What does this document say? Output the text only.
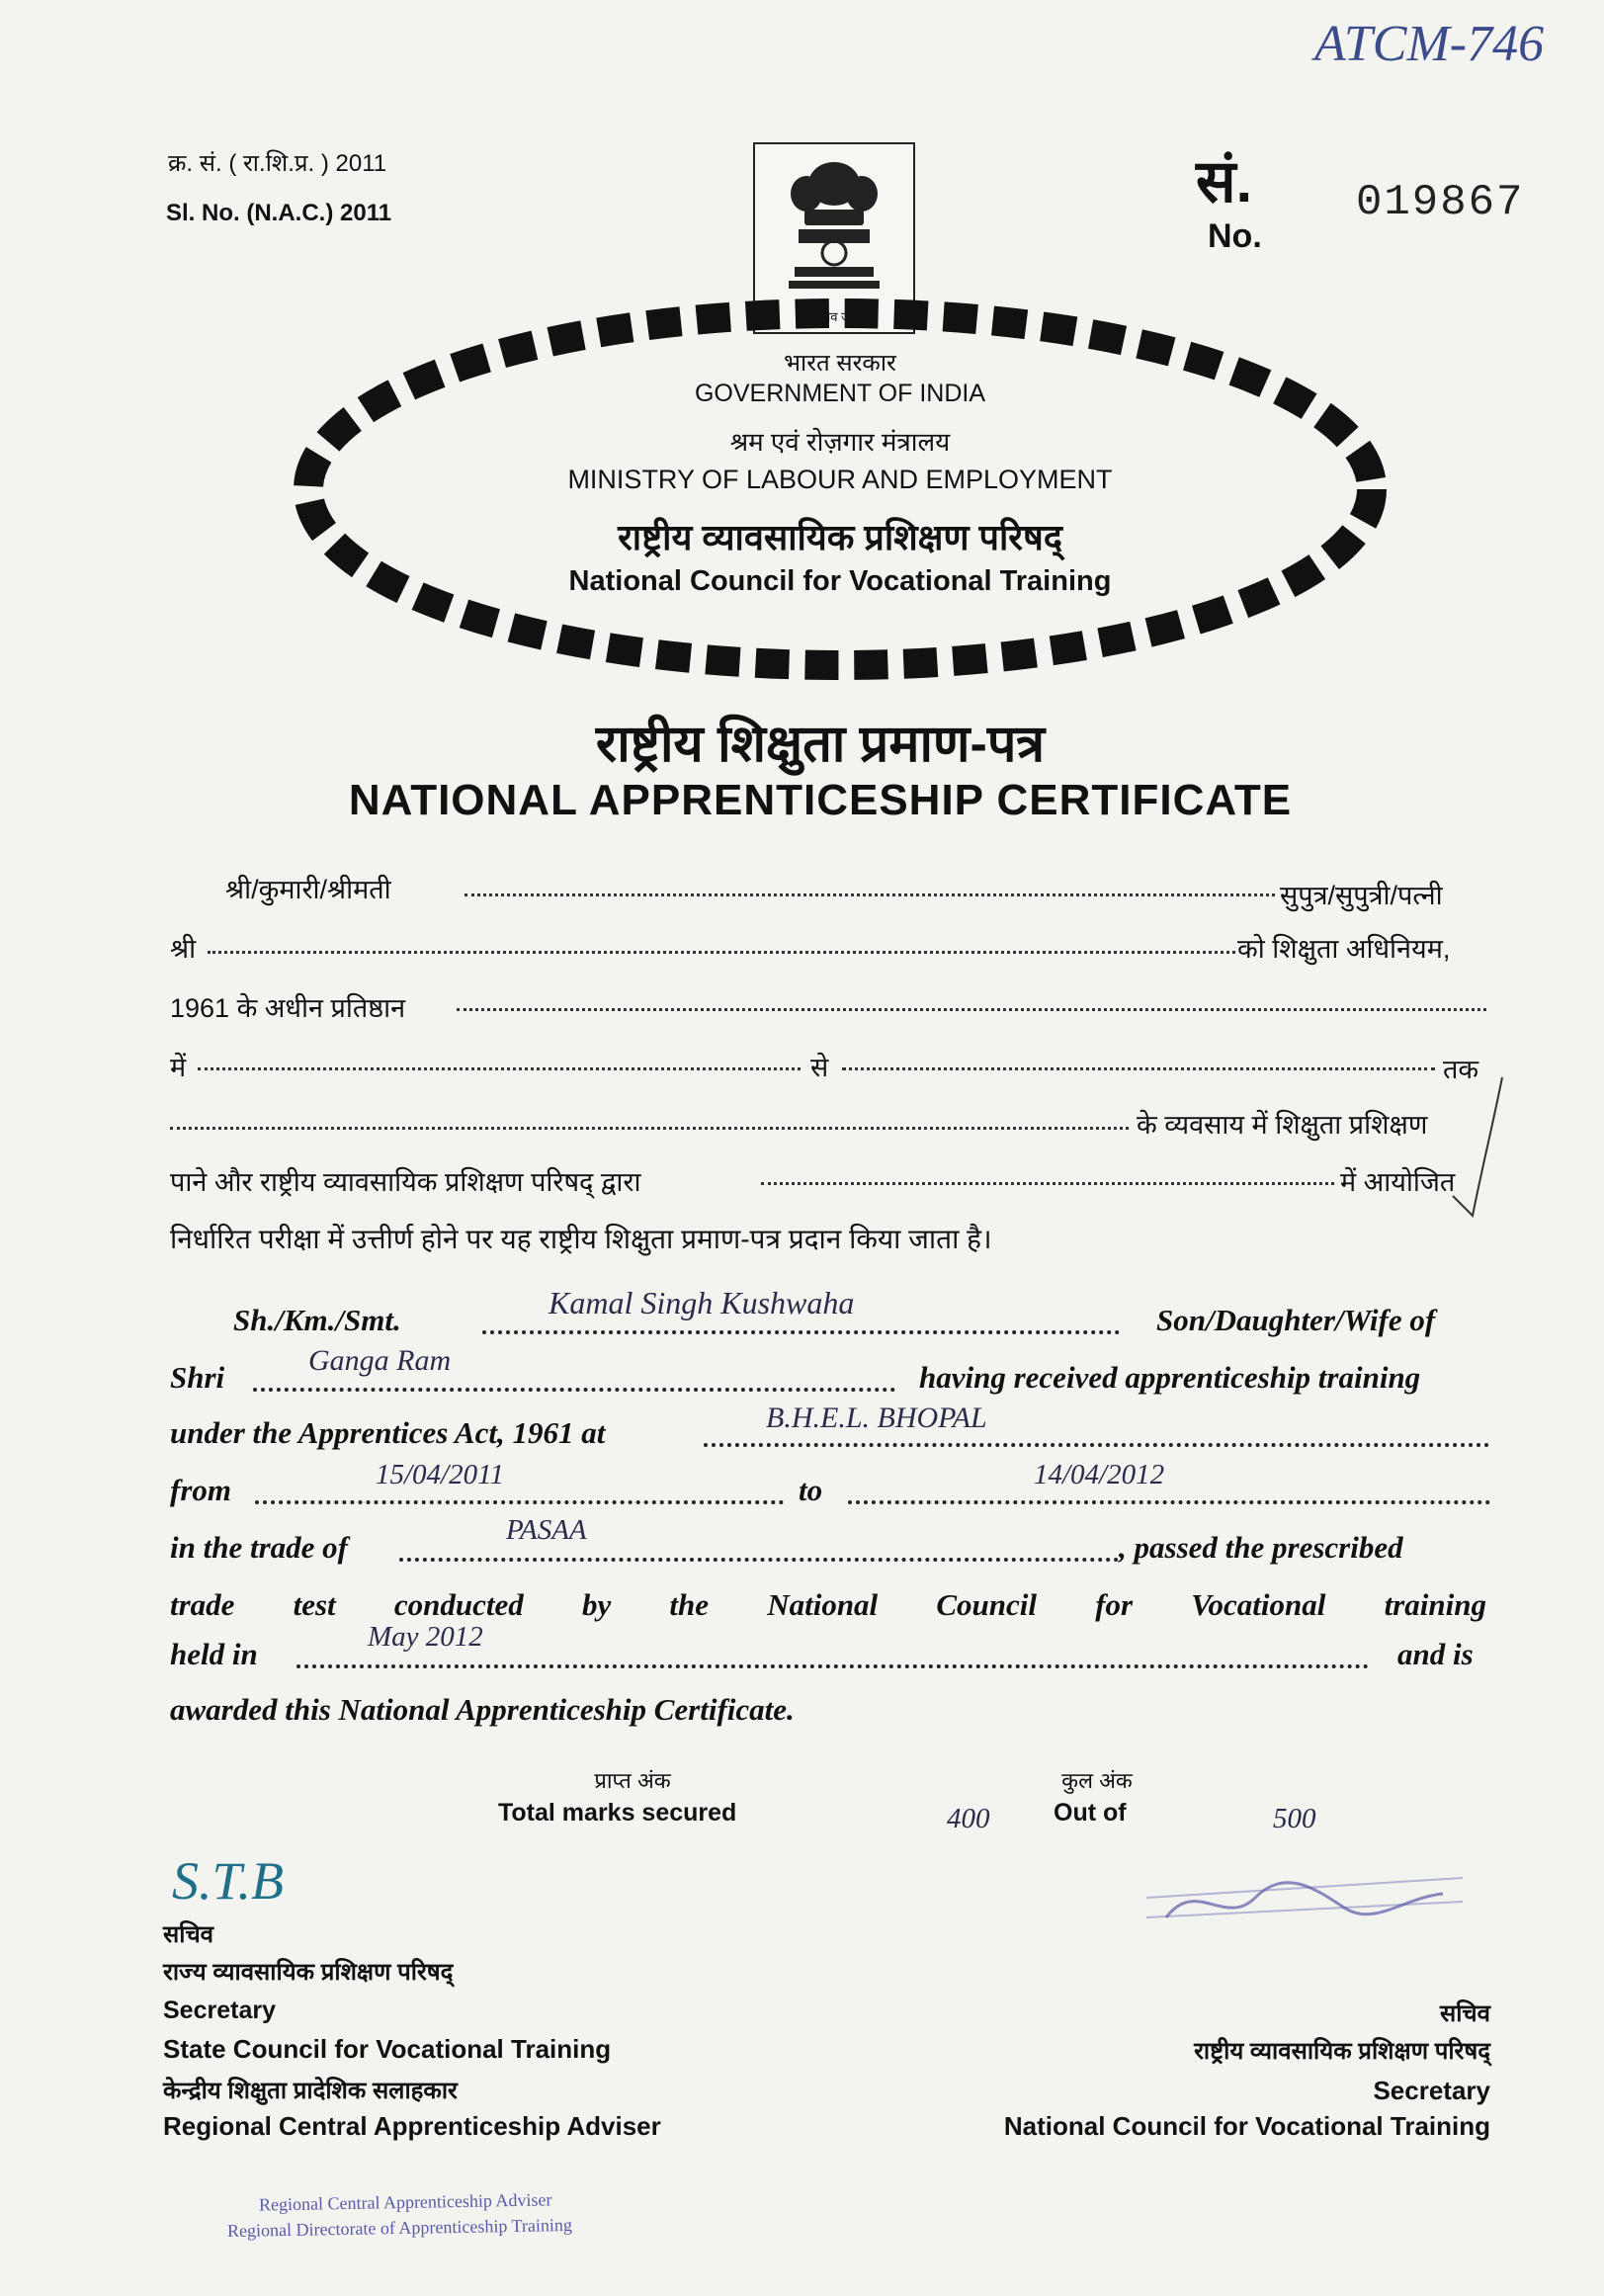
ATCM-746
क्र. सं. ( रा.शि.प्र. ) 2011
Sl. No. (N.A.C.) 2011	सं.
No.
019867
सत्यमेव जयते
भारत सरकार
GOVERNMENT OF INDIA
श्रम एवं रोज़गार मंत्रालय
MINISTRY OF LABOUR AND EMPLOYMENT
राष्ट्रीय व्यावसायिक प्रशिक्षण परिषद्
National Council for Vocational Training
राष्ट्रीय शिक्षुता प्रमाण-पत्र
NATIONAL APPRENTICESHIP CERTIFICATE
श्री/कुमारी/श्रीमती	सुपुत्र/सुपुत्री/पत्नी
श्री	को शिक्षुता अधिनियम,
1961 के अधीन प्रतिष्ठान
में	से	तक
के व्यवसाय में शिक्षुता प्रशिक्षण
पाने और राष्ट्रीय व्यावसायिक प्रशिक्षण परिषद् द्वारा	में आयोजित
निर्धारित परीक्षा में उत्तीर्ण होने पर यह राष्ट्रीय शिक्षुता प्रमाण-पत्र प्रदान किया जाता है।
Sh./Km./Smt.	Kamal Singh Kushwaha	Son/Daughter/Wife of
Shri	Ganga Ram	having received apprenticeship training
under the Apprentices Act, 1961 at	B.H.E.L. BHOPAL
from	15/04/2011	to	14/04/2012
in the trade of	PASAA	, passed the prescribed
trade test conducted by the National Council for Vocational training
held in	May 2012	and is
awarded this National Apprenticeship Certificate.
प्राप्त अंक
Total marks secured	400
कुल अंक
Out of	500
S.T.B
सचिव
राज्य व्यावसायिक प्रशिक्षण परिषद्
Secretary
State Council for Vocational Training
केन्द्रीय शिक्षुता प्रादेशिक सलाहकार
Regional Central Apprenticeship Adviser
सचिव
राष्ट्रीय व्यावसायिक प्रशिक्षण परिषद्
Secretary
National Council for Vocational Training
Regional Central Apprenticeship Adviser
Regional Directorate of Apprenticeship Training
